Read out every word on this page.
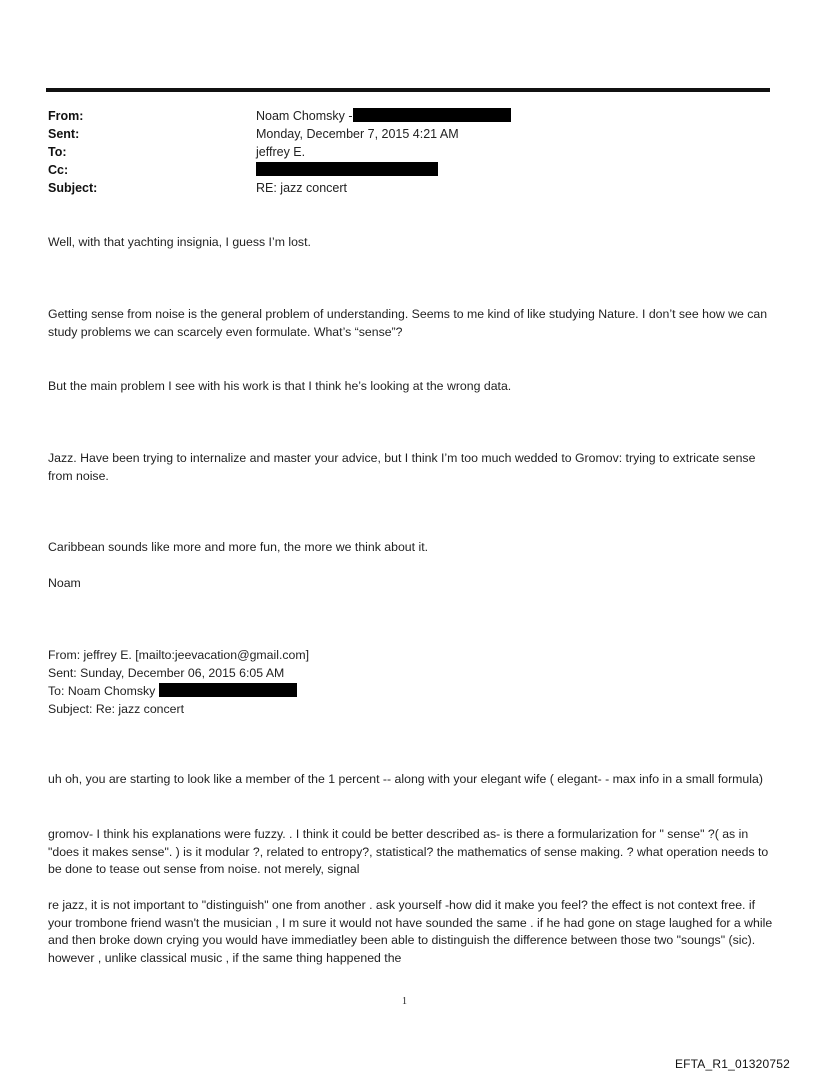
From:	Noam Chomsky -
Sent:	Monday, December 7, 2015 4:21 AM
To:	jeffrey E.
Cc:
Subject:	RE: jazz concert
Well, with that yachting insignia, I guess I’m lost.
Getting sense from noise is the general problem of understanding. Seems to me kind of like studying Nature. I don’t see how we can study problems we can scarcely even formulate. What’s “sense”?
But the main problem I see with his work is that I think he’s looking at the wrong data.
Jazz. Have been trying to internalize and master your advice, but I think I’m too much wedded to Gromov: trying to extricate sense from noise.
Caribbean sounds like more and more fun, the more we think about it.
Noam
From: jeffrey E. [mailto:jeevacation@gmail.com]
Sent: Sunday, December 06, 2015 6:05 AM
To: Noam Chomsky
Subject: Re: jazz concert
uh oh, you are starting to look like a member of the 1 percent -- along with your elegant wife ( elegant- - max info in a small formula)
gromov- I think his explanations were fuzzy. . I think it could be better described as- is there a formularization for " sense" ?( as in "does it makes sense". ) is it modular ?, related to entropy?, statistical? the mathematics of sense making. ? what operation needs to be done to tease out sense from noise. not merely, signal
re jazz, it is not important to "distinguish" one from another . ask yourself -how did it make you feel? the effect is not context free. if your trombone friend wasn't the musician , I m sure it would not have sounded the same . if he had gone on stage laughed for a while and then broke down crying you would have immediatley been able to distinguish the difference between those two "soungs" (sic). however , unlike classical music , if the same thing happened the
1
EFTA_R1_01320752
